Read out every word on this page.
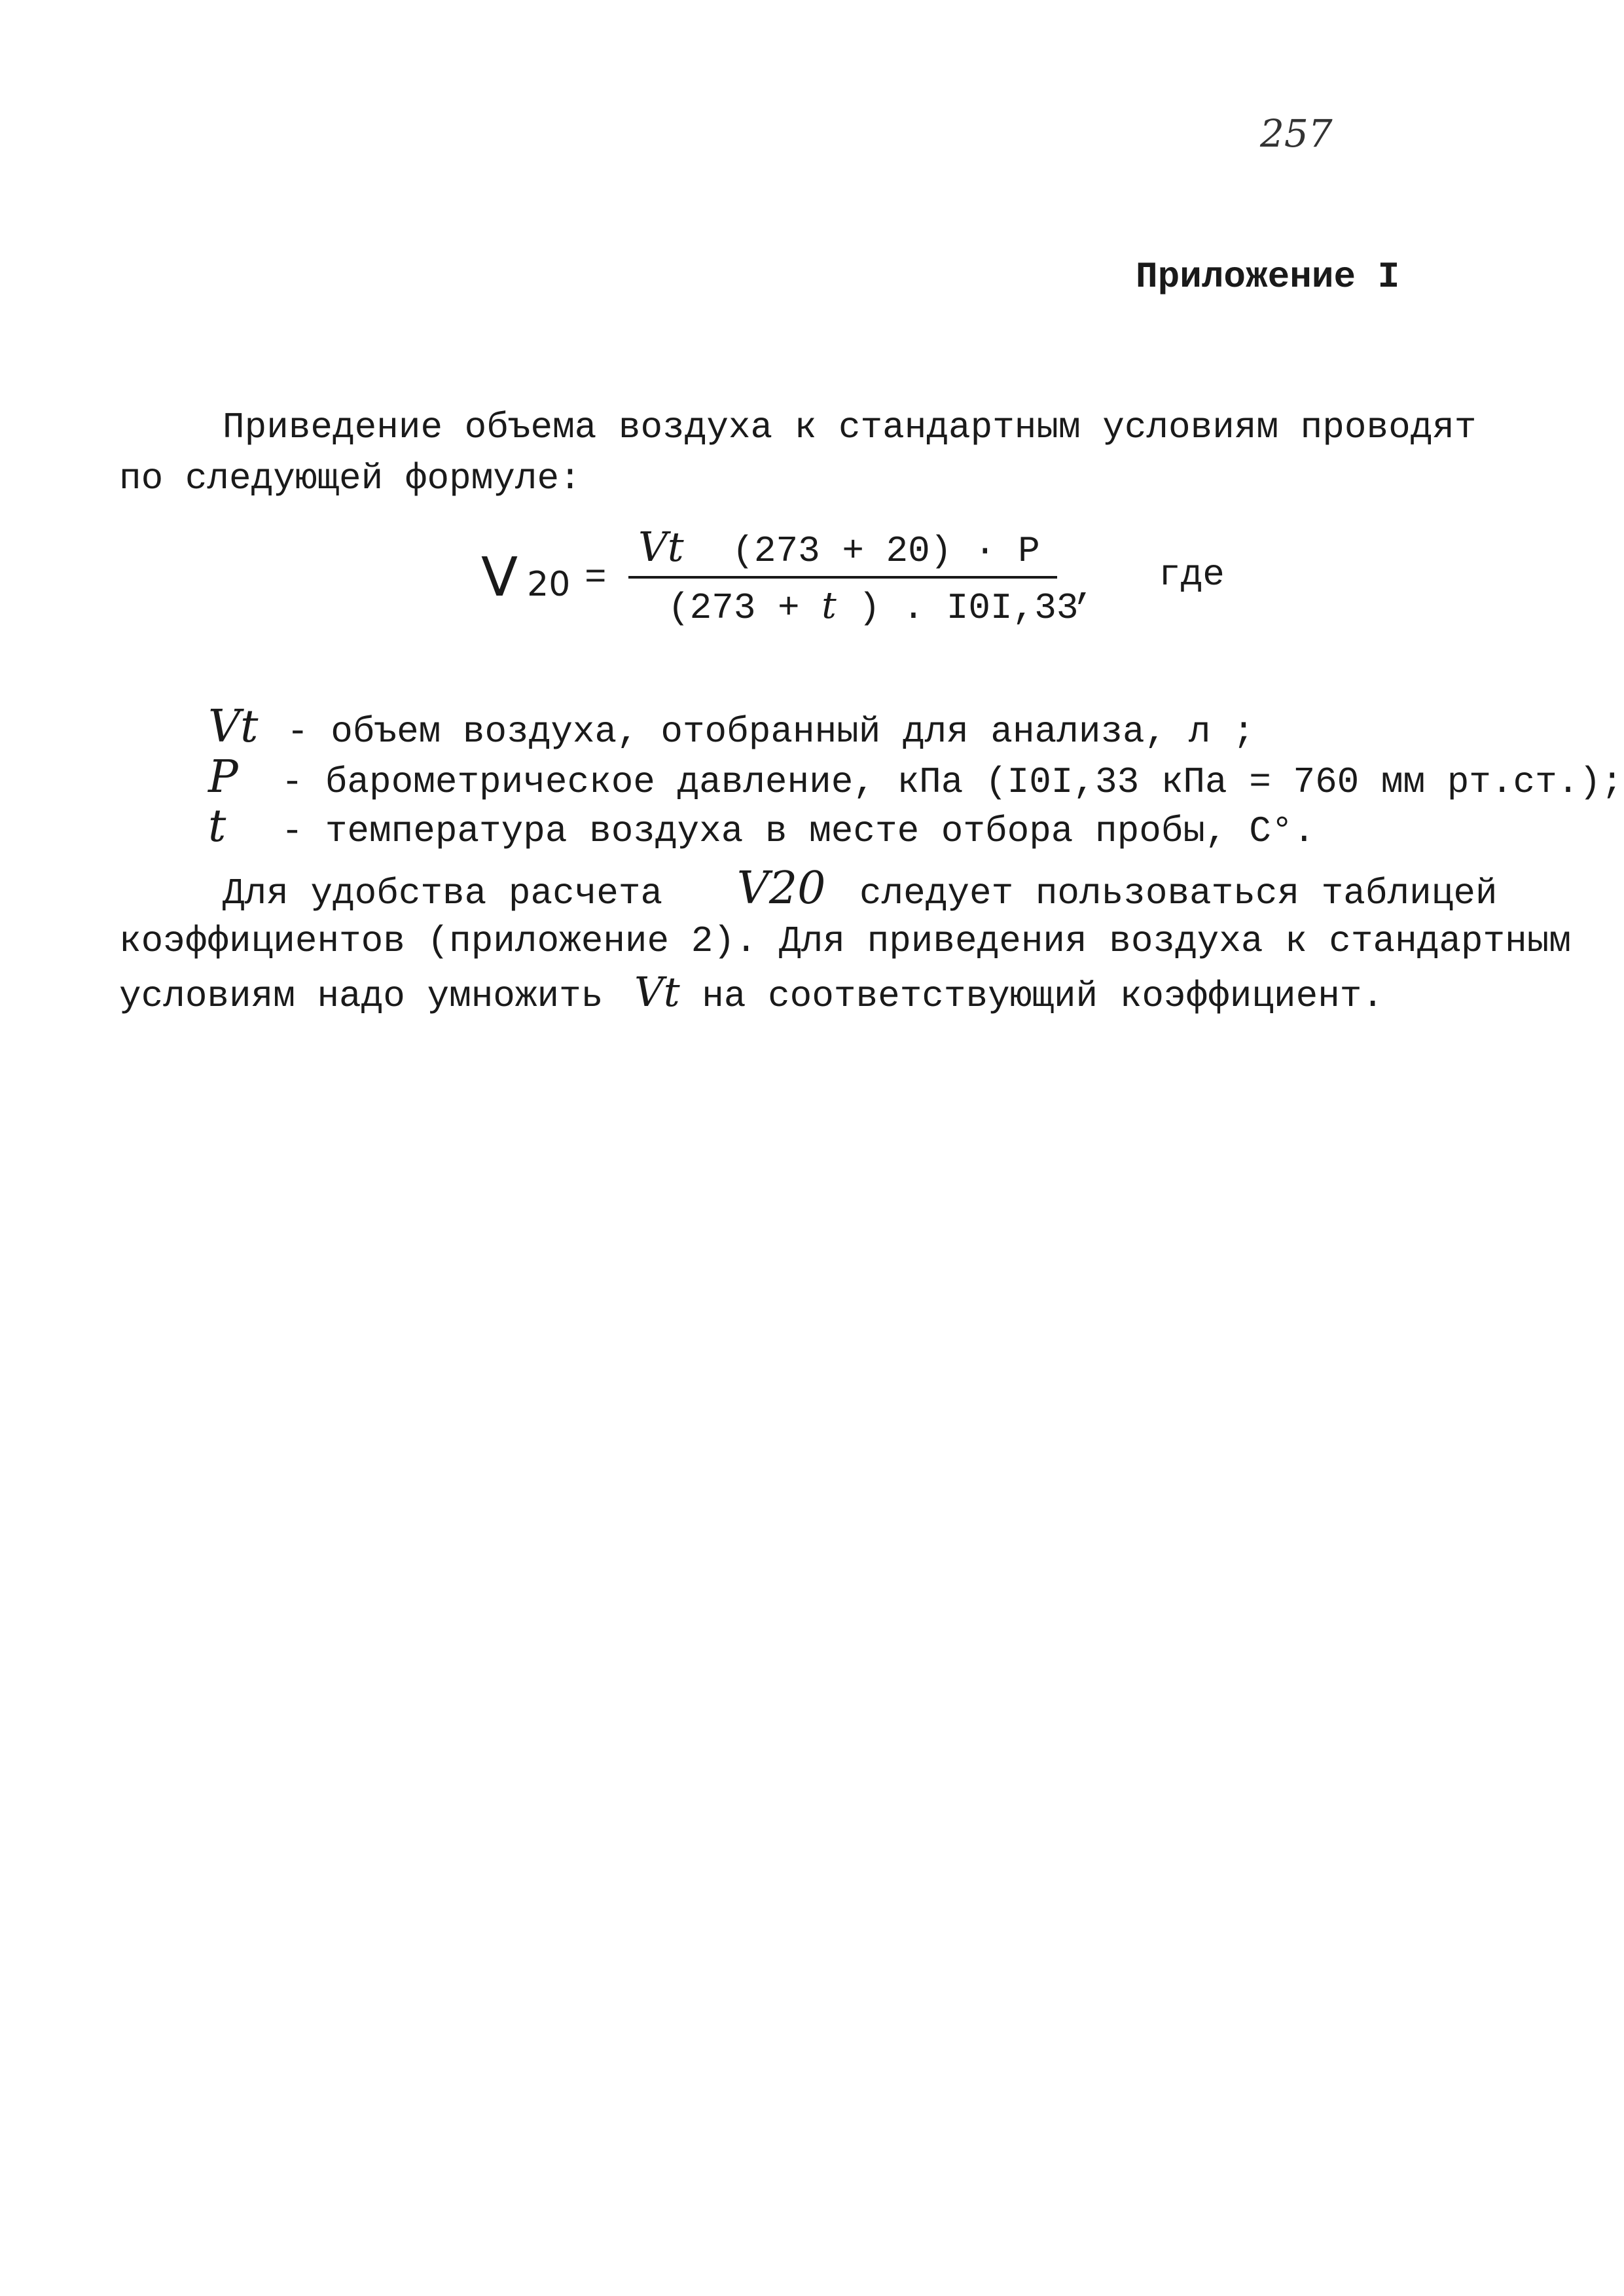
257
Приложение I
Приведение объема воздуха к стандартным условиям проводят
по следующей формуле:
V 20 =
Vt (273 + 20) · P
(273 + t ) . I0I,33
, где
Vt - объем воздуха, отобранный для анализа, л ;
P - барометрическое давление, кПа (I0I,33 кПа = 760 мм рт.ст.);
t - температура воздуха в месте отбора пробы, C°.
Для удобства расчета V20 следует пользоваться таблицей
коэффициентов (приложение 2). Для приведения воздуха к стандартным
условиям надо умножить Vt на соответствующий коэффициент.
